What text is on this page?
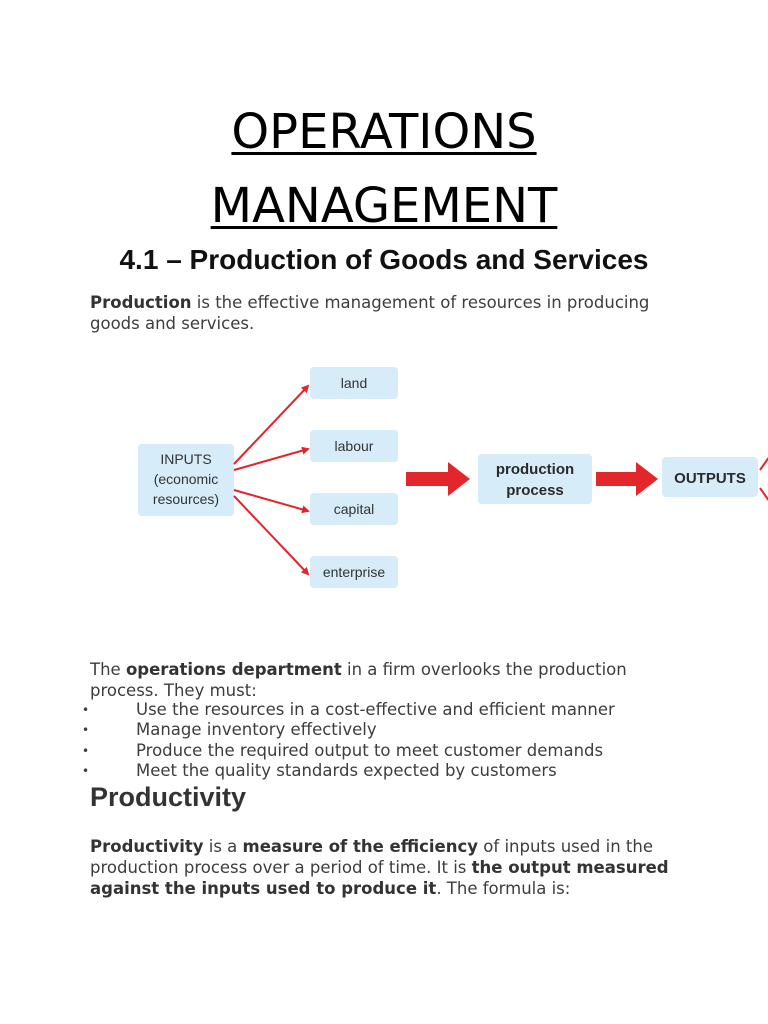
OPERATIONS
MANAGEMENT
4.1 – Production of Goods and Services

Production is the effective management of resources in producing goods and services.

INPUTS
(economic
resources)
land
labour
capital
enterprise
production
process
OUTPUTS

The operations department in a firm overlooks the production process. They must:

•	Use the resources in a cost-effective and efficient manner
•	Manage inventory effectively
•	Produce the required output to meet customer demands
•	Meet the quality standards expected by customers
Productivity

Productivity is a measure of the efficiency of inputs used in the production process over a period of time. It is the output measured against the inputs used to produce it. The formula is:
